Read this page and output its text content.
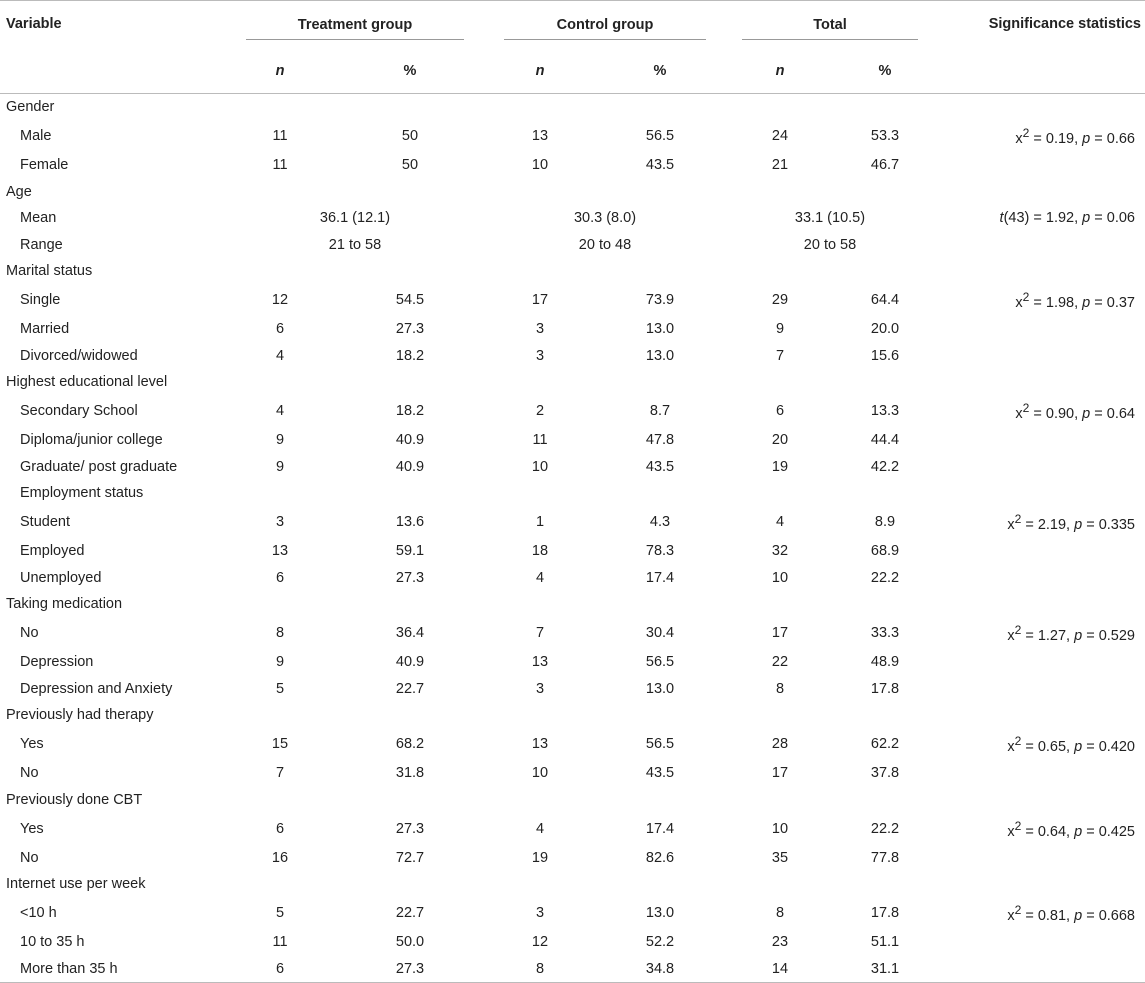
Variable	Treatment group		Control group		Total		Significance statistics
	n	%	n	%	n	%	

Gender							
Male	11	50	13	56.5	24	53.3	$x^2 = 0.19$, p = 0.66
Female	11	50	10	43.5	21	46.7	
Age							
Mean	36.1 (12.1)		30.3 (8.0)		33.1 (10.5)		t(43) = 1.92, p = 0.06
Range	21 to 58		20 to 48		20 to 58		
Marital status							
Single	12	54.5	17	73.9	29	64.4	$x^2 = 1.98$, p = 0.37
Married	6	27.3	3	13.0	9	20.0	
Divorced/widowed	4	18.2	3	13.0	7	15.6	
Highest educational level							
Secondary School	4	18.2	2	8.7	6	13.3	$x^2 = 0.90$, p = 0.64
Diploma/junior college	9	40.9	11	47.8	20	44.4	
Graduate/ post graduate	9	40.9	10	43.5	19	42.2	
Employment status							
Student	3	13.6	1	4.3	4	8.9	$x^2 = 2.19$, p = 0.335
Employed	13	59.1	18	78.3	32	68.9	
Unemployed	6	27.3	4	17.4	10	22.2	
Taking medication							
No	8	36.4	7	30.4	17	33.3	$x^2 = 1.27$, p = 0.529
Depression	9	40.9	13	56.5	22	48.9	
Depression and Anxiety	5	22.7	3	13.0	8	17.8	
Previously had therapy							
Yes	15	68.2	13	56.5	28	62.2	$x^2 = 0.65$, p = 0.420
No	7	31.8	10	43.5	17	37.8	
Previously done CBT							
Yes	6	27.3	4	17.4	10	22.2	$x^2 = 0.64$, p = 0.425
No	16	72.7	19	82.6	35	77.8	
Internet use per week							
<10 h	5	22.7	3	13.0	8	17.8	$x^2 = 0.81$, p = 0.668
10 to 35 h	11	50.0	12	52.2	23	51.1	
More than 35 h	6	27.3	8	34.8	14	31.1	
